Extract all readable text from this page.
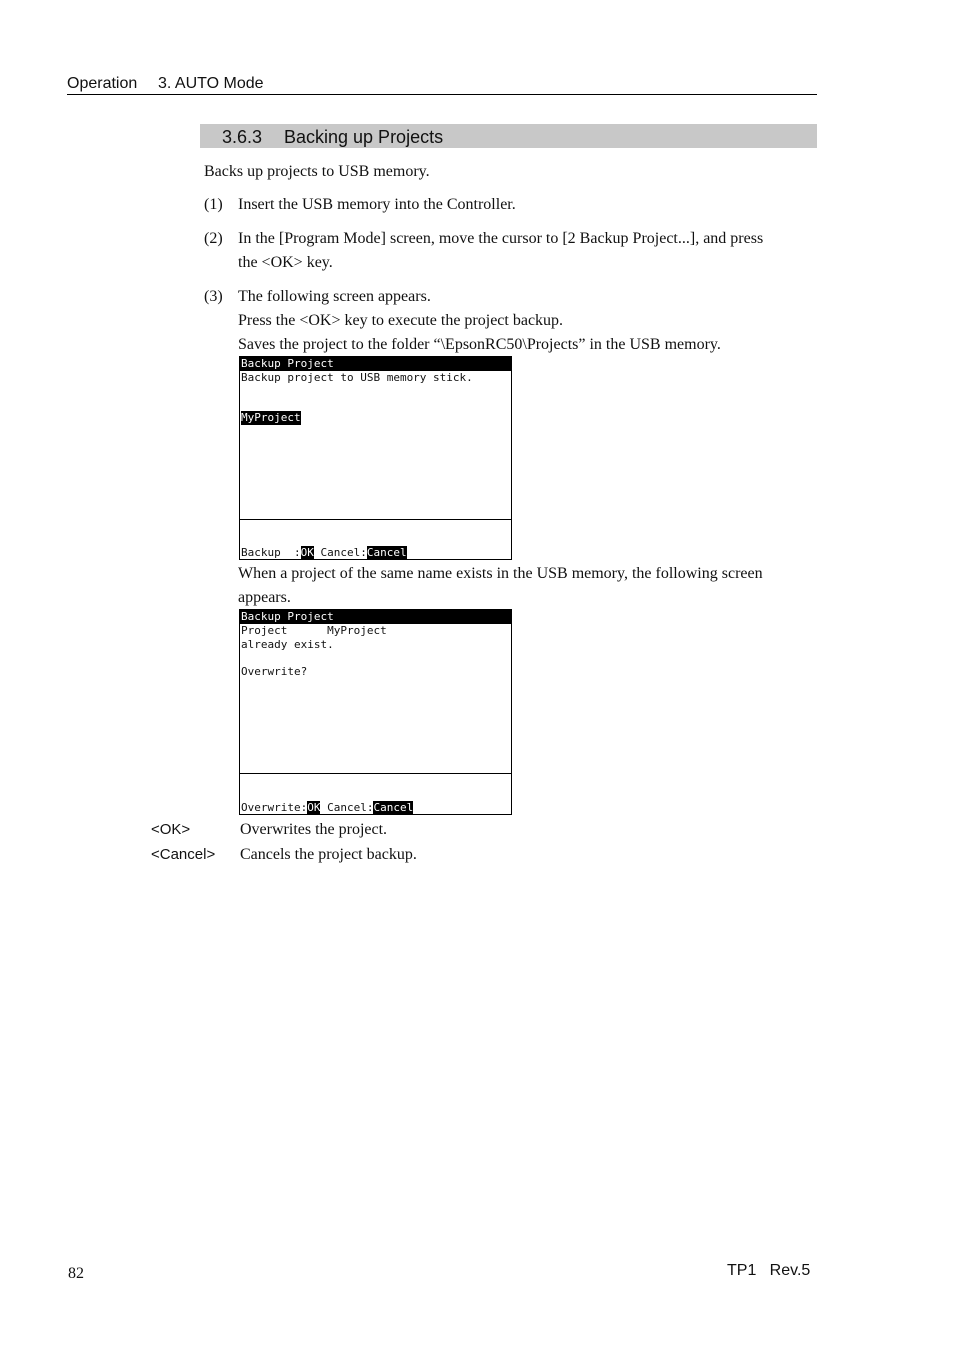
Operation 3. AUTO Mode
3.6.3 Backing up Projects
Backs up projects to USB memory.
(1) Insert the USB memory into the Controller.
(2) In the [Program Mode] screen, move the cursor to [2 Backup Project...], and press
the <OK> key.
(3) The following screen appears.
Press the <OK> key to execute the project backup.
Saves the project to the folder “\EpsonRC50\Projects” in the USB memory.
Backup Project
Backup project to USB memory stick.
MyProject
Backup  :OK Cancel:Cancel
When a project of the same name exists in the USB memory, the following screen
appears.
Backup Project
Project      MyProject
already exist.
Overwrite?
Overwrite:OK Cancel:Cancel
<OK>	Overwrites the project.
<Cancel> Cancels the project backup.
82	TP1   Rev.5
